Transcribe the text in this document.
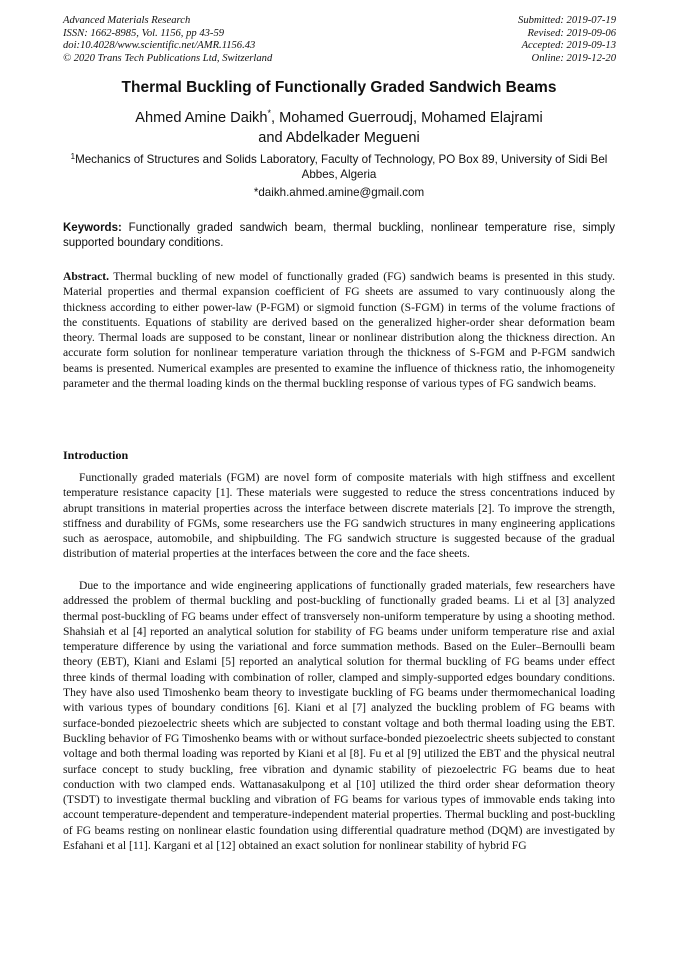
Advanced Materials Research
ISSN: 1662-8985, Vol. 1156, pp 43-59
doi:10.4028/www.scientific.net/AMR.1156.43
© 2020 Trans Tech Publications Ltd, Switzerland
Submitted: 2019-07-19
Revised: 2019-09-06
Accepted: 2019-09-13
Online: 2019-12-20
Thermal Buckling of Functionally Graded Sandwich Beams
Ahmed Amine Daikh*, Mohamed Guerroudj, Mohamed Elajrami
and Abdelkader Megueni
$^1$Mechanics of Structures and Solids Laboratory, Faculty of Technology, PO Box 89, University of Sidi Bel Abbes, Algeria
*daikh.ahmed.amine@gmail.com
Keywords: Functionally graded sandwich beam, thermal buckling, nonlinear temperature rise, simply supported boundary conditions.
Abstract. Thermal buckling of new model of functionally graded (FG) sandwich beams is presented in this study. Material properties and thermal expansion coefficient of FG sheets are assumed to vary continuously along the thickness according to either power-law (P-FGM) or sigmoid function (S-FGM) in terms of the volume fractions of the constituents. Equations of stability are derived based on the generalized higher-order shear deformation beam theory. Thermal loads are supposed to be constant, linear or nonlinear distribution along the thickness direction. An accurate form solution for nonlinear temperature variation through the thickness of S-FGM and P-FGM sandwich beams is presented. Numerical examples are presented to examine the influence of thickness ratio, the inhomogeneity parameter and the thermal loading kinds on the thermal buckling response of various types of FG sandwich beams.
Introduction

Functionally graded materials (FGM) are novel form of composite materials with high stiffness and excellent temperature resistance capacity [1]. These materials were suggested to reduce the stress concentrations induced by abrupt transitions in material properties across the interface between discrete materials [2]. To improve the strength, stiffness and durability of FGMs, some researchers use the FG sandwich structures in many engineering applications such as aerospace, automobile, and shipbuilding. The FG sandwich structure is suggested because of the gradual distribution of material properties at the interfaces between the core and the face sheets.

Due to the importance and wide engineering applications of functionally graded materials, few researchers have addressed the problem of thermal buckling and post-buckling of functionally graded beams. Li et al [3] analyzed thermal post-buckling of FG beams under effect of transversely non-uniform temperature by using a shooting method. Shahsiah et al [4] reported an analytical solution for stability of FG beams under uniform temperature rise and axial temperature difference by using the variational and force summation methods. Based on the Euler–Bernoulli beam theory (EBT), Kiani and Eslami [5] reported an analytical solution for thermal buckling of FG beams under effect three kinds of thermal loading with combination of roller, clamped and simply-supported edges boundary conditions. They have also used Timoshenko beam theory to investigate buckling of FG beams under thermomechanical loading with various types of boundary conditions [6]. Kiani et al [7] analyzed the buckling problem of FG beams with surface-bonded piezoelectric sheets which are subjected to constant voltage and both thermal loading using the EBT. Buckling behavior of FG Timoshenko beams with or without surface-bonded piezoelectric sheets subjected to constant voltage and both thermal loading was reported by Kiani et al [8]. Fu et al [9] utilized the EBT and the physical neutral surface concept to study buckling, free vibration and dynamic stability of piezoelectric FG beams due to heat conduction with two clamped ends. Wattanasakulpong et al [10] utilized the third order shear deformation theory (TSDT) to investigate thermal buckling and vibration of FG beams for various types of immovable ends taking into account temperature-dependent and temperature-independent material properties. Thermal buckling and post-buckling of FG beams resting on nonlinear elastic foundation using differential quadrature method (DQM) are investigated by Esfahani et al [11]. Kargani et al [12] obtained an exact solution for nonlinear stability of hybrid FG
